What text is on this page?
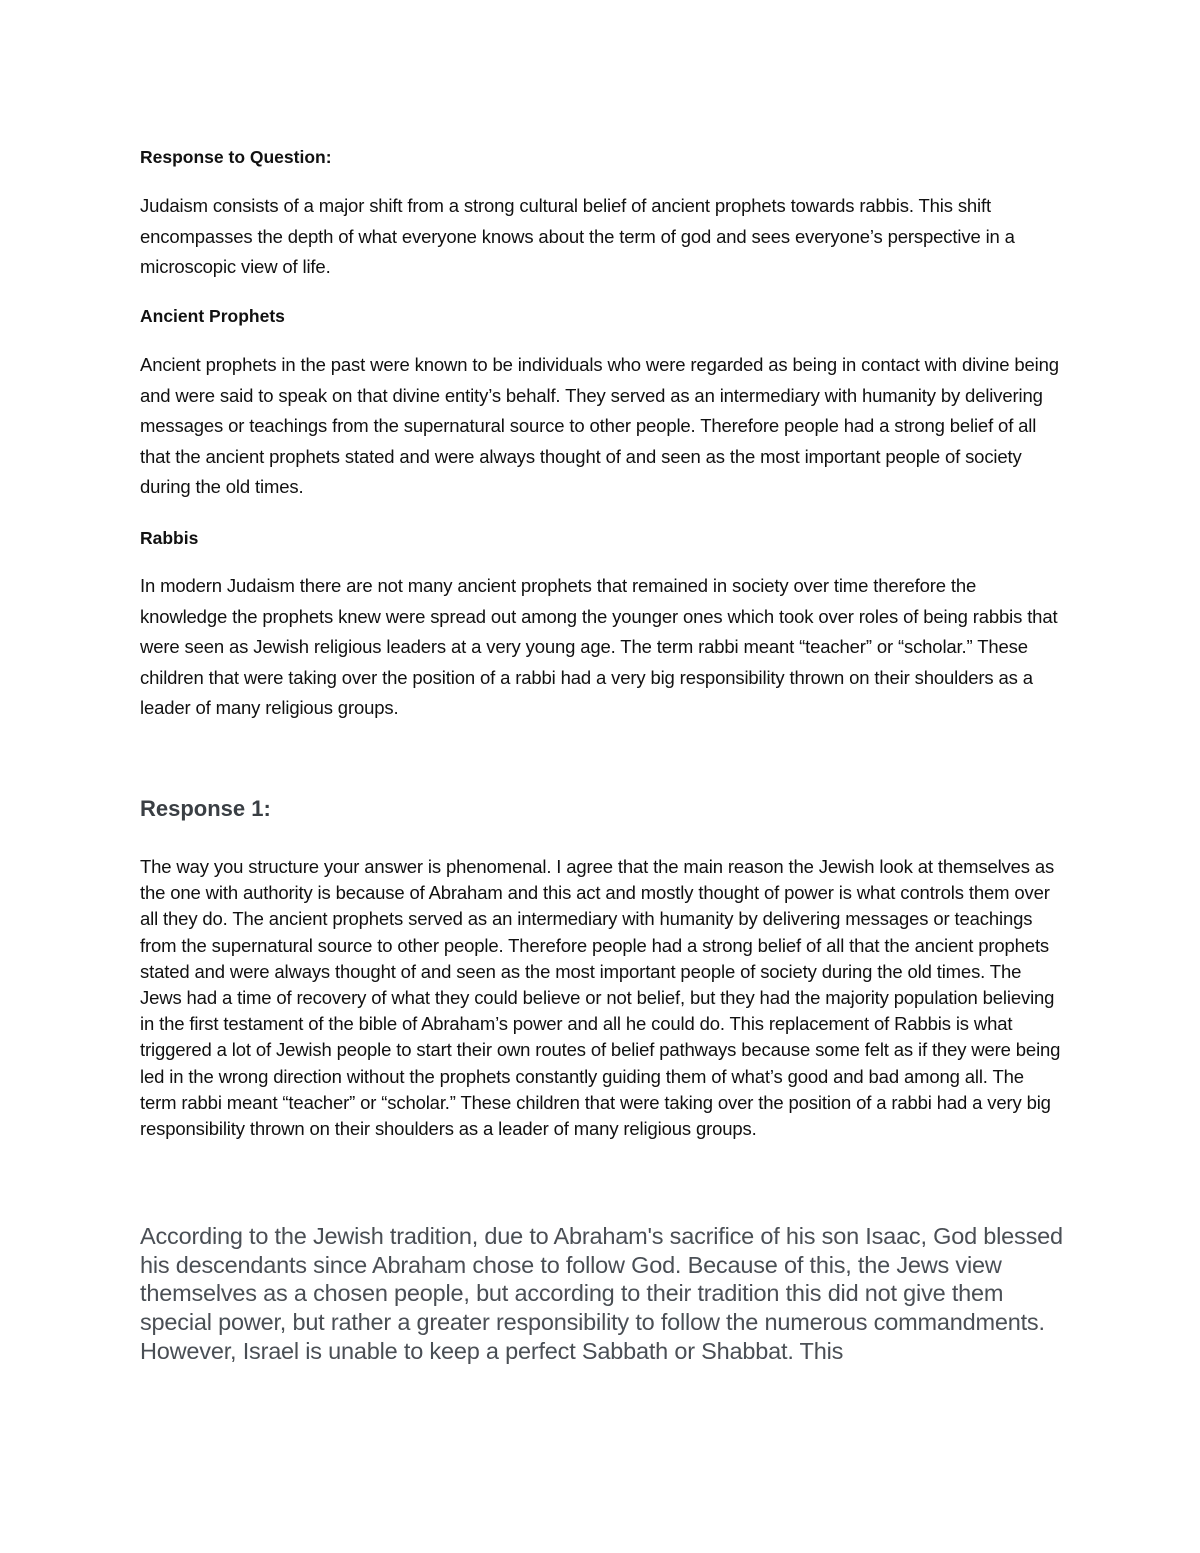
Response to Question:
Judaism consists of a major shift from a strong cultural belief of ancient prophets towards rabbis. This shift encompasses the depth of what everyone knows about the term of god and sees everyone’s perspective in a microscopic view of life.
Ancient Prophets
Ancient prophets in the past were known to be individuals who were regarded as being in contact with divine being and were said to speak on that divine entity’s behalf. They served as an intermediary with humanity by delivering messages or teachings from the supernatural source to other people. Therefore people had a strong belief of all that the ancient prophets stated and were always thought of and seen as the most important people of society during the old times.
Rabbis
In modern Judaism there are not many ancient prophets that remained in society over time therefore the knowledge the prophets knew were spread out among the younger ones which took over roles of being rabbis that were seen as Jewish religious leaders at a very young age. The term rabbi meant “teacher” or “scholar.” These children that were taking over the position of a rabbi had a very big responsibility thrown on their shoulders as a leader of many religious groups.
Response 1:
The way you structure your answer is phenomenal. I agree that the main reason the Jewish look at themselves as the one with authority is because of Abraham and this act and mostly thought of power is what controls them over all they do. The ancient prophets served as an intermediary with humanity by delivering messages or teachings from the supernatural source to other people. Therefore people had a strong belief of all that the ancient prophets stated and were always thought of and seen as the most important people of society during the old times. The Jews had a time of recovery of what they could believe or not belief, but they had the majority population believing in the first testament of the bible of Abraham’s power and all he could do. This replacement of Rabbis is what triggered a lot of Jewish people to start their own routes of belief pathways because some felt as if they were being led in the wrong direction without the prophets constantly guiding them of what’s good and bad among all. The term rabbi meant “teacher” or “scholar.” These children that were taking over the position of a rabbi had a very big responsibility thrown on their shoulders as a leader of many religious groups.
According to the Jewish tradition, due to Abraham's sacrifice of his son Isaac, God blessed his descendants since Abraham chose to follow God. Because of this, the Jews view themselves as a chosen people, but according to their tradition this did not give them special power, but rather a greater responsibility to follow the numerous commandments. However, Israel is unable to keep a perfect Sabbath or Shabbat. This
